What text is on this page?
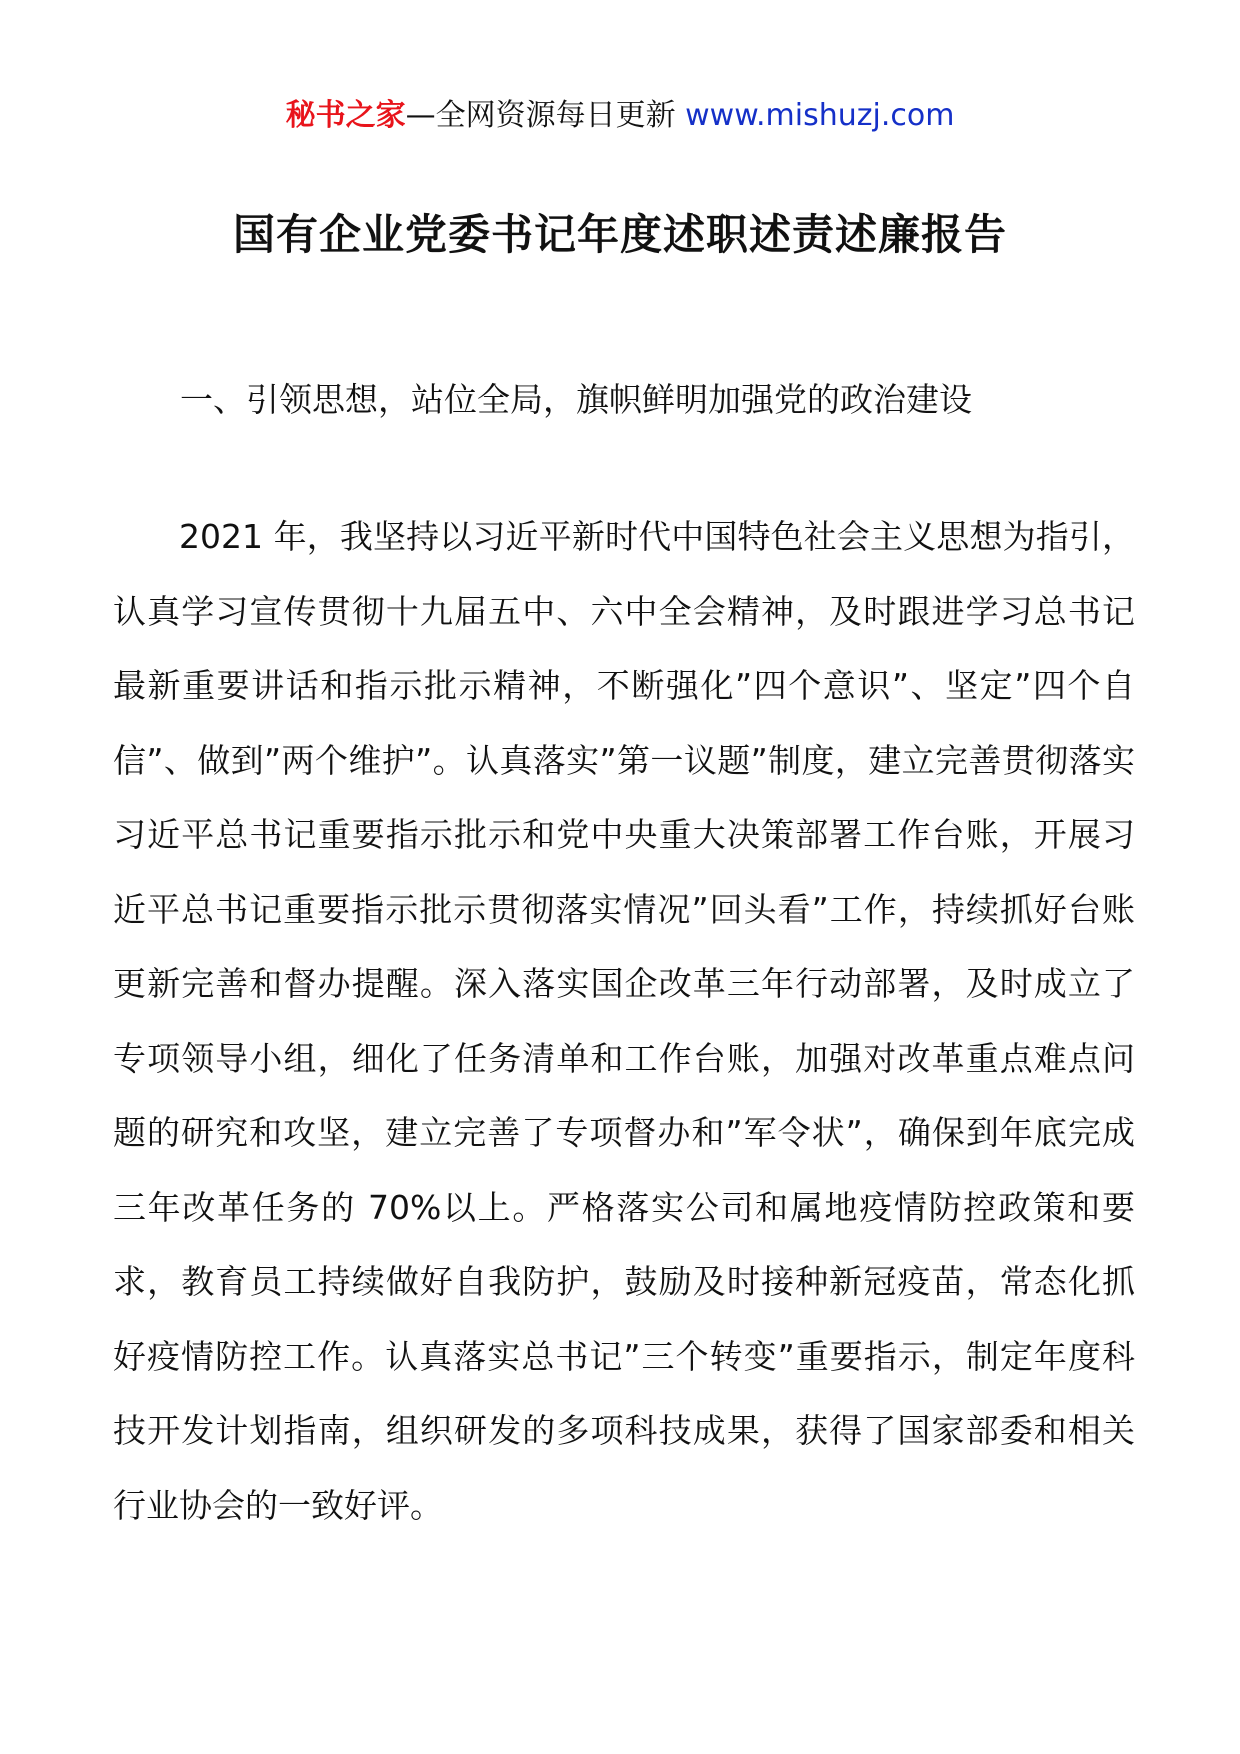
秘书之家—全网资源每日更新 www.mishuzj.com
国有企业党委书记年度述职述责述廉报告
一、引领思想，站位全局，旗帜鲜明加强党的政治建设

2021 年，我坚持以习近平新时代中国特色社会主义思想为指引，认真学习宣传贯彻十九届五中、六中全会精神，及时跟进学习总书记最新重要讲话和指示批示精神，不断强化”四个意识”、坚定”四个自信”、做到”两个维护”。认真落实”第一议题”制度，建立完善贯彻落实习近平总书记重要指示批示和党中央重大决策部署工作台账，开展习近平总书记重要指示批示贯彻落实情况”回头看”工作，持续抓好台账更新完善和督办提醒。深入落实国企改革三年行动部署，及时成立了专项领导小组，细化了任务清单和工作台账，加强对改革重点难点问题的研究和攻坚，建立完善了专项督办和”军令状”，确保到年底完成三年改革任务的 70%以上。严格落实公司和属地疫情防控政策和要求，教育员工持续做好自我防护，鼓励及时接种新冠疫苗，常态化抓好疫情防控工作。认真落实总书记”三个转变”重要指示，制定年度科技开发计划指南，组织研发的多项科技成果，获得了国家部委和相关行业协会的一致好评。
